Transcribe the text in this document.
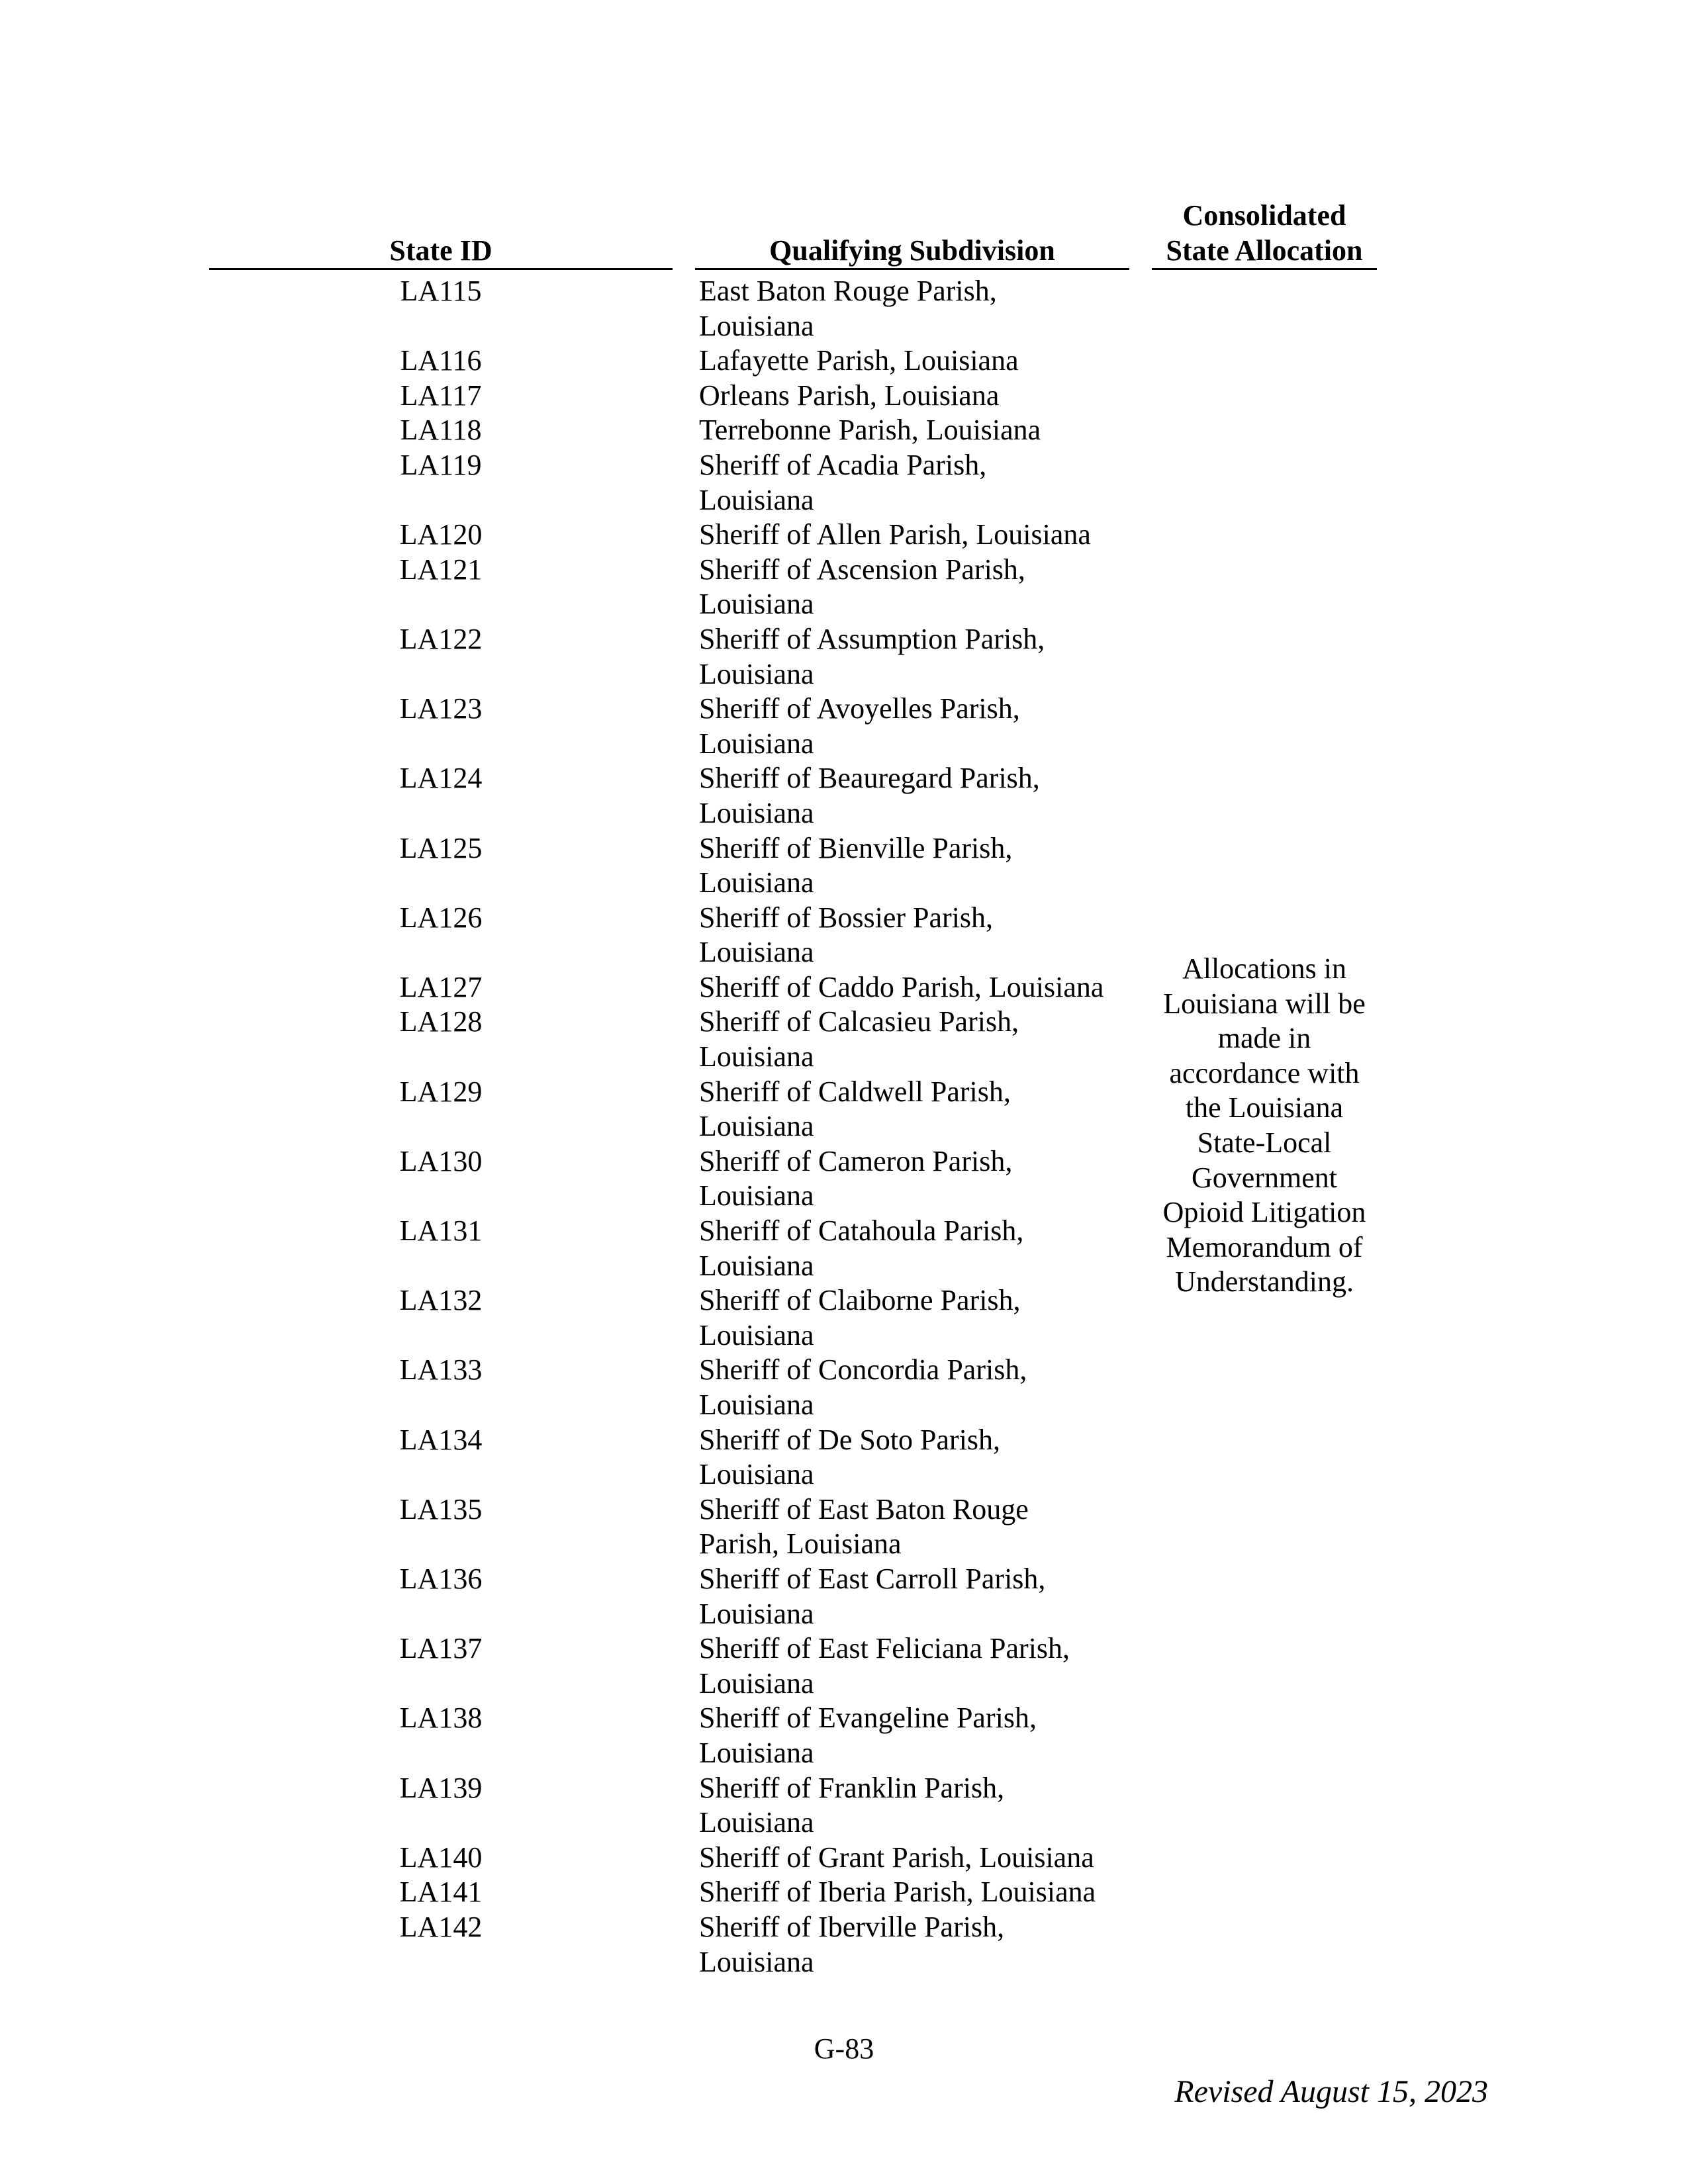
State ID	Qualifying Subdivision
Consolidated
State Allocation
LA115

LA116
LA117
LA118
LA119

LA120
LA121

LA122

LA123

LA124

LA125

LA126

LA127
LA128

LA129

LA130

LA131

LA132

LA133

LA134

LA135

LA136

LA137

LA138

LA139

LA140
LA141
LA142

East Baton Rouge Parish,
Louisiana
Lafayette Parish, Louisiana
Orleans Parish, Louisiana
Terrebonne Parish, Louisiana
Sheriff of Acadia Parish,
Louisiana
Sheriff of Allen Parish, Louisiana
Sheriff of Ascension Parish,
Louisiana
Sheriff of Assumption Parish,
Louisiana
Sheriff of Avoyelles Parish,
Louisiana
Sheriff of Beauregard Parish,
Louisiana
Sheriff of Bienville Parish,
Louisiana
Sheriff of Bossier Parish,
Louisiana
Sheriff of Caddo Parish, Louisiana
Sheriff of Calcasieu Parish,
Louisiana
Sheriff of Caldwell Parish,
Louisiana
Sheriff of Cameron Parish,
Louisiana
Sheriff of Catahoula Parish,
Louisiana
Sheriff of Claiborne Parish,
Louisiana
Sheriff of Concordia Parish,
Louisiana
Sheriff of De Soto Parish,
Louisiana
Sheriff of East Baton Rouge
Parish, Louisiana
Sheriff of East Carroll Parish,
Louisiana
Sheriff of East Feliciana Parish,
Louisiana
Sheriff of Evangeline Parish,
Louisiana
Sheriff of Franklin Parish,
Louisiana
Sheriff of Grant Parish, Louisiana
Sheriff of Iberia Parish, Louisiana
Sheriff of Iberville Parish,
Louisiana
Allocations in
Louisiana will be
made in
accordance with
the Louisiana
State-Local
Government
Opioid Litigation
Memorandum of
Understanding.
G-83
Revised August 15, 2023
